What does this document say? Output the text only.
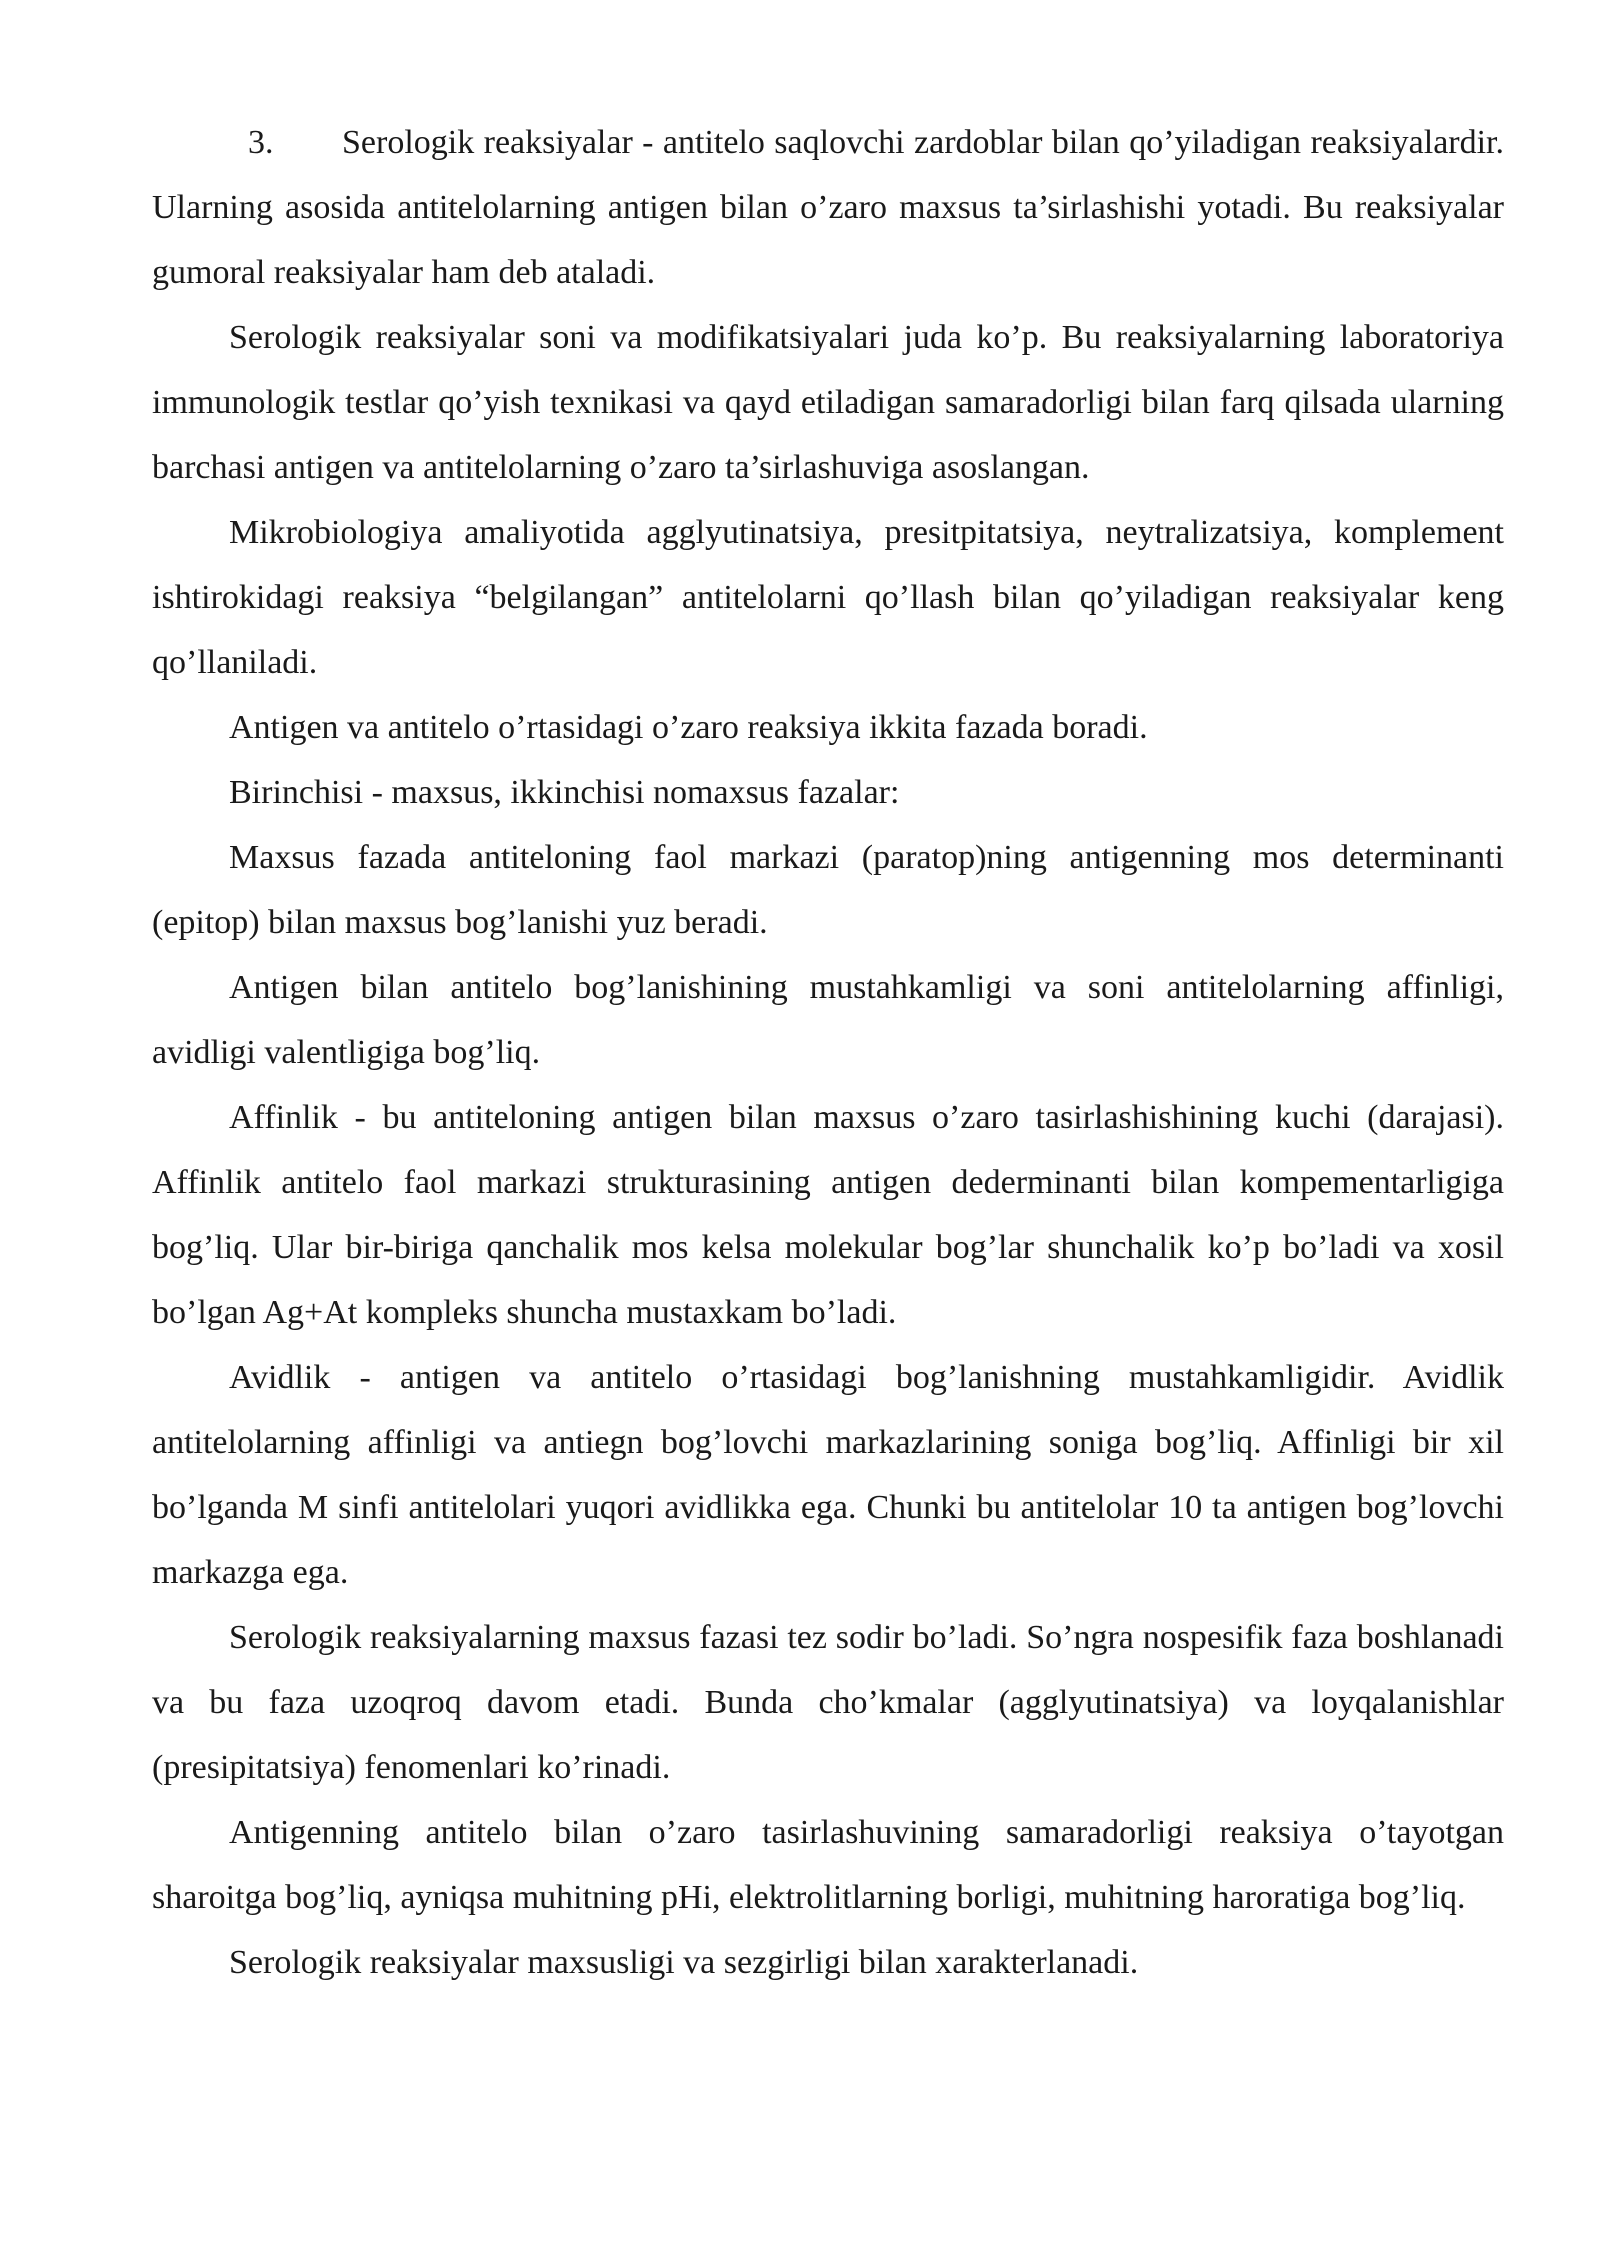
3. Serologik reaksiyalar - antitelo saqlovchi zardoblar bilan qo’yiladigan reaksiyalardir. Ularning asosida antitelolarning antigen bilan o’zaro maxsus ta’sirlashishi yotadi. Bu reaksiyalar gumoral reaksiyalar ham deb ataladi.

Serologik reaksiyalar soni va modifikatsiyalari juda ko’p. Bu reaksiyalarning laboratoriya immunologik testlar qo’yish texnikasi va qayd etiladigan samaradorligi bilan farq qilsada ularning barchasi antigen va antitelolarning o’zaro ta’sirlashuviga asoslangan.

Mikrobiologiya amaliyotida agglyutinatsiya, presitpitatsiya, neytralizatsiya, komplement ishtirokidagi reaksiya “belgilangan” antitelolarni qo’llash bilan qo’yiladigan reaksiyalar keng qo’llaniladi.

Antigen va antitelo o’rtasidagi o’zaro reaksiya ikkita fazada boradi.

Birinchisi - maxsus, ikkinchisi nomaxsus fazalar:

Maxsus fazada antiteloning faol markazi (paratop)ning antigenning mos determinanti (epitop) bilan maxsus bog’lanishi yuz beradi.

Antigen bilan antitelo bog’lanishining mustahkamligi va soni antitelolarning affinligi, avidligi valentligiga bog’liq.

Affinlik - bu antiteloning antigen bilan maxsus o’zaro tasirlashishining kuchi (darajasi). Affinlik antitelo faol markazi strukturasining antigen dederminanti bilan kompementarligiga bog’liq. Ular bir-biriga qanchalik mos kelsa molekular bog’lar shunchalik ko’p bo’ladi va xosil bo’lgan Ag+At kompleks shuncha mustaxkam bo’ladi.

Avidlik - antigen va antitelo o’rtasidagi bog’lanishning mustahkamligidir. Avidlik antitelolarning affinligi va antiegn bog’lovchi markazlarining soniga bog’liq. Affinligi bir xil bo’lganda M sinfi antitelolari yuqori avidlikka ega. Chunki bu antitelolar 10 ta antigen bog’lovchi markazga ega.

Serologik reaksiyalarning maxsus fazasi tez sodir bo’ladi. So’ngra nospesifik faza boshlanadi va bu faza uzoqroq davom etadi. Bunda cho’kmalar (agglyutinatsiya) va loyqalanishlar (presipitatsiya) fenomenlari ko’rinadi.

Antigenning antitelo bilan o’zaro tasirlashuvining samaradorligi reaksiya o’tayotgan sharoitga bog’liq, ayniqsa muhitning pHi, elektrolitlarning borligi, muhitning haroratiga bog’liq.

Serologik reaksiyalar maxsusligi va sezgirligi bilan xarakterlanadi.
